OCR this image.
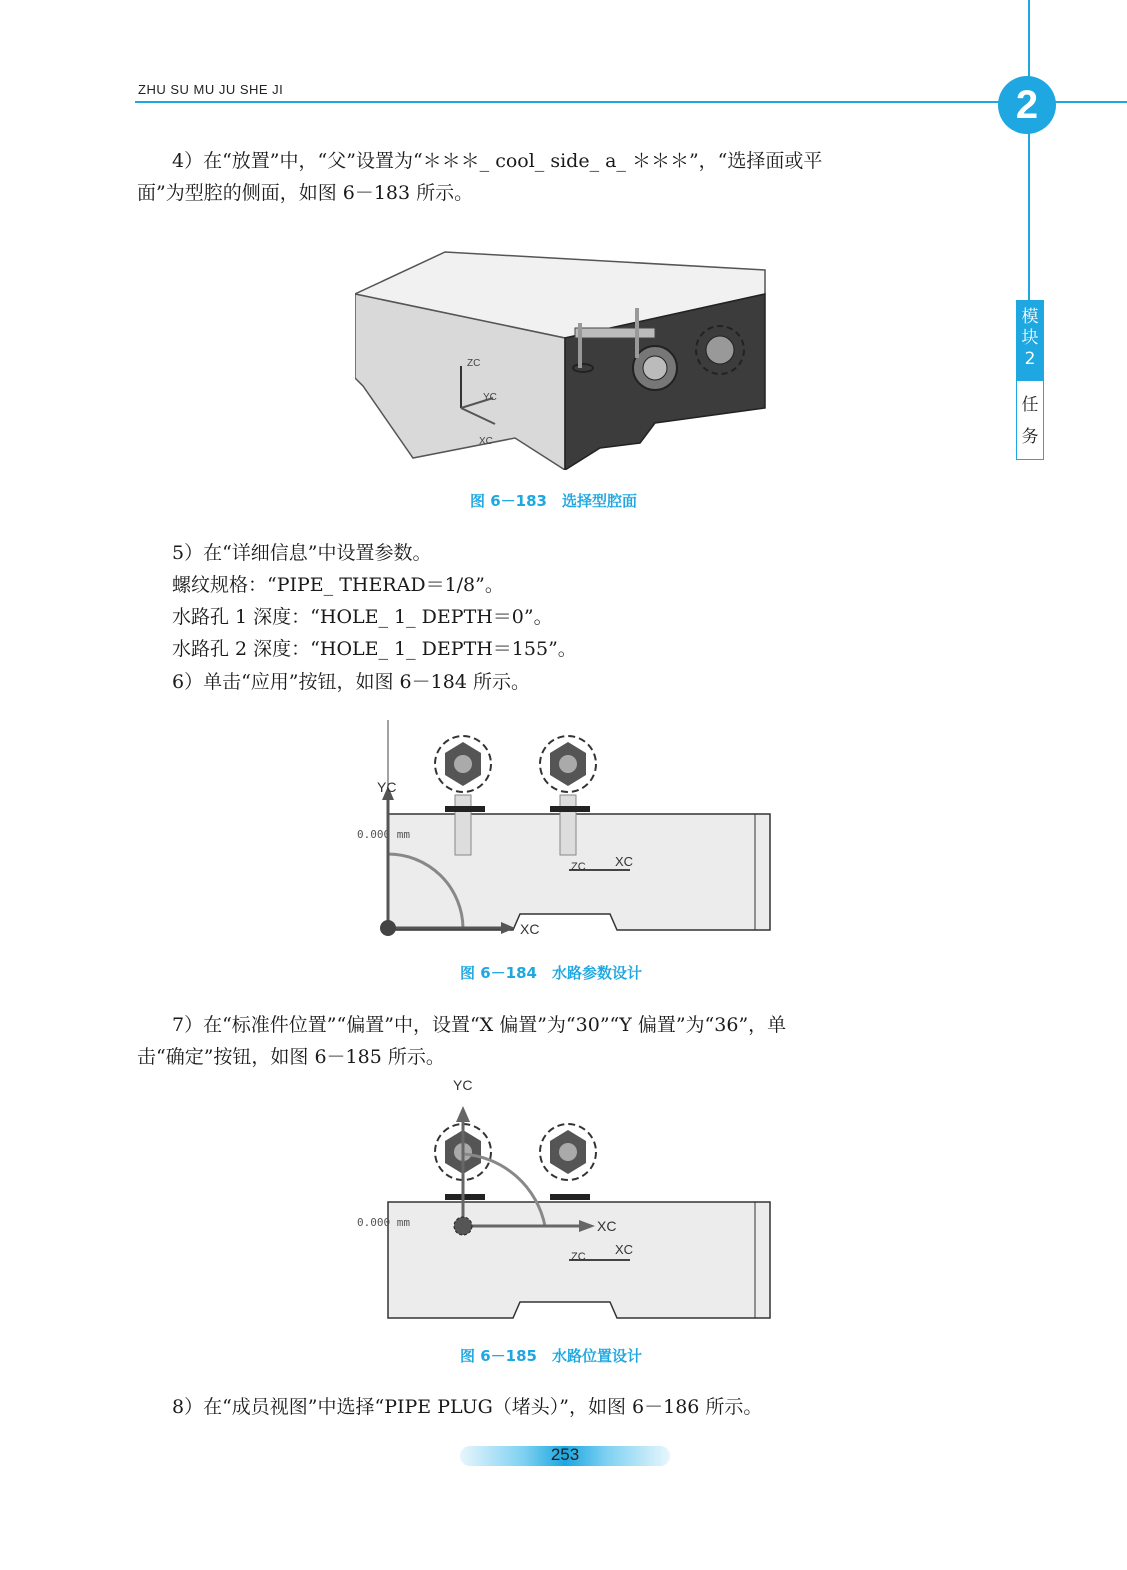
ZHU SU MU JU SHE JI	2
模块2
任务

4）在“放置”中，“父”设置为“＊＊＊_ cool_ side_ a_ ＊＊＊”，“选择面或平

面”为型腔的侧面，如图 6－183 所示。

ZC
YC
XC
图 6－183　选择型腔面

5）在“详细信息”中设置参数。

螺纹规格：“PIPE_ THERAD＝1/8”。

水路孔 1 深度：“HOLE_ 1_ DEPTH＝0”。

水路孔 2 深度：“HOLE_ 1_ DEPTH＝155”。

6）单击“应用”按钮，如图 6－184 所示。

YC
XC
0.000 mm
ZC XC
图 6－184　水路参数设计

7）在“标准件位置”“偏置”中，设置“X 偏置”为“30”“Y 偏置”为“36”，单

击“确定”按钮，如图 6－185 所示。

YC
XC
0.000 mm
ZC XC
图 6－185　水路位置设计

8）在“成员视图”中选择“PIPE PLUG（堵头）”，如图 6－186 所示。

253
